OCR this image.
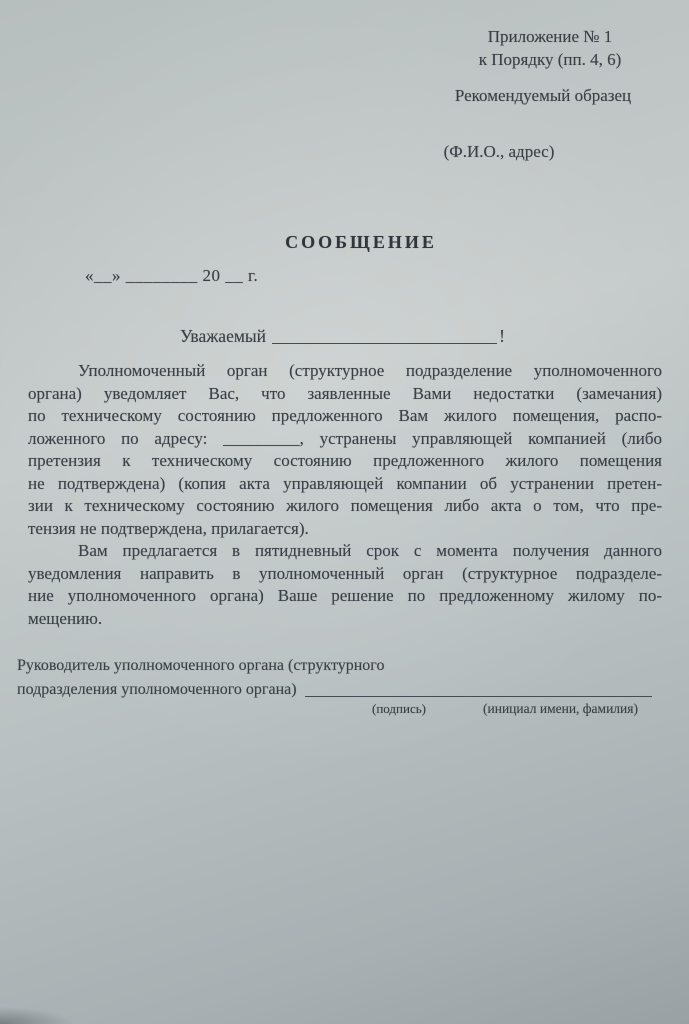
Приложение № 1
к Порядку (пп. 4, 6)
Рекомендуемый образец
(Ф.И.О., адрес)
СООБЩЕНИЕ
«__» ________ 20 __ г.
Уважаемый	!
Уполномоченный орган (структурное подразделение уполномоченного
органа) уведомляет Вас, что заявленные Вами недостатки (замечания)
по техническому состоянию предложенного Вам жилого помещения, распо-
ложенного по адресу: _________, устранены управляющей компанией (либо
претензия к техническому состоянию предложенного жилого помещения
не подтверждена) (копия акта управляющей компании об устранении претен-
зии к техническому состоянию жилого помещения либо акта о том, что пре-
тензия не подтверждена, прилагается).
Вам предлагается в пятидневный срок с момента получения данного
уведомления направить в уполномоченный орган (структурное подразделе-
ние уполномоченного органа) Ваше решение по предложенному жилому по-
мещению.
Руководитель уполномоченного органа (структурного
подразделения уполномоченного органа)
(подпись)	(инициал имени, фамилия)
